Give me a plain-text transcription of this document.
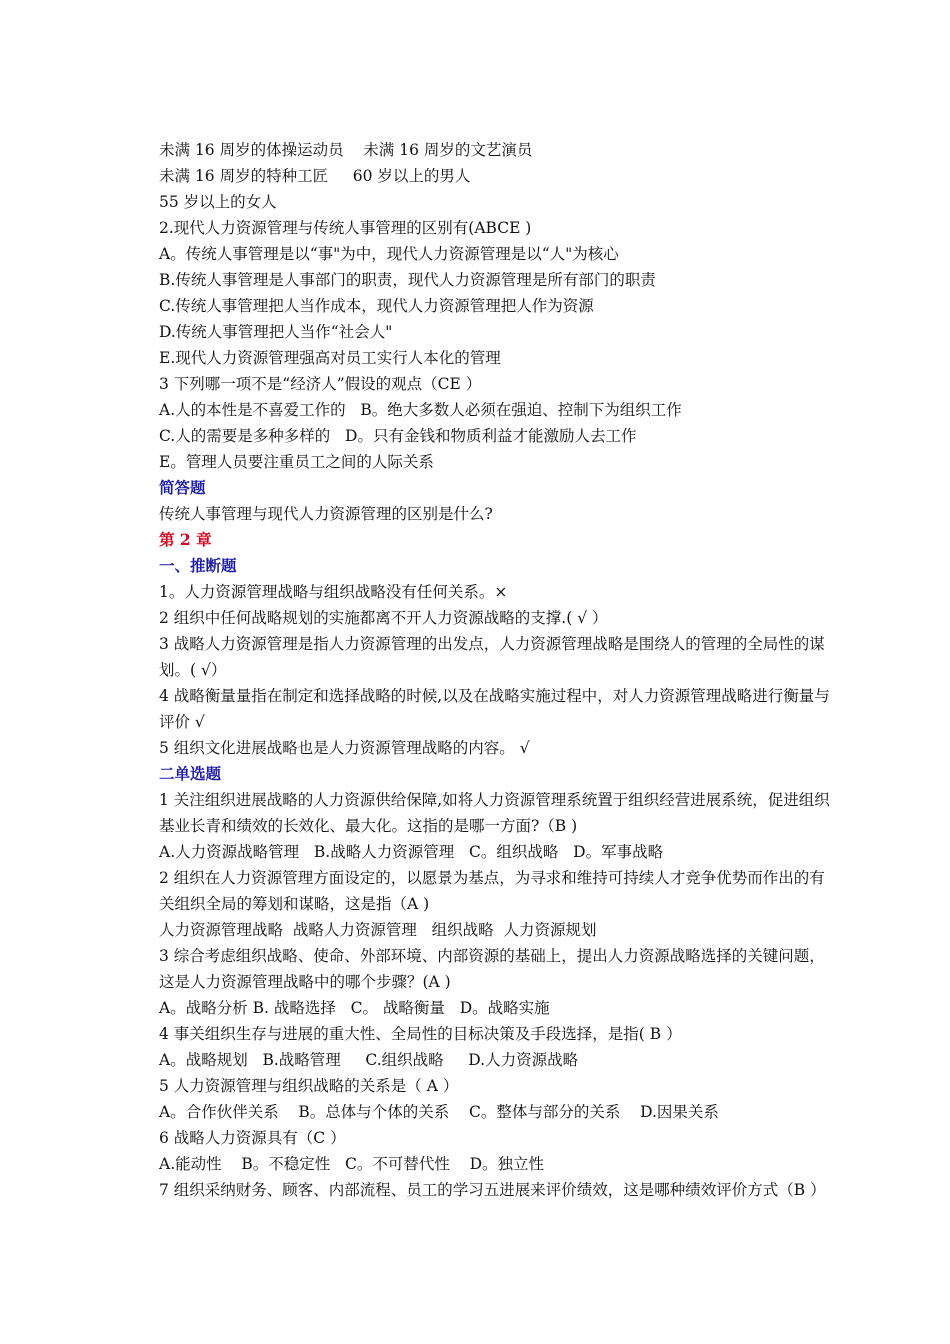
未满 16 周岁的体操运动员    未满 16 周岁的文艺演员
未满 16 周岁的特种工匠     60 岁以上的男人
55 岁以上的女人
2.现代人力资源管理与传统人事管理的区别有(ABCE )
A。传统人事管理是以“事"为中，现代人力资源管理是以“人"为核心
B.传统人事管理是人事部门的职责，现代人力资源管理是所有部门的职责
C.传统人事管理把人当作成本，现代人力资源管理把人作为资源
D.传统人事管理把人当作“社会人"
E.现代人力资源管理强高对员工实行人本化的管理
3 下列哪一项不是“经济人”假设的观点（CE ）
A.人的本性是不喜爱工作的   B。绝大多数人必须在强迫、控制下为组织工作
C.人的需要是多种多样的   D。只有金钱和物质利益才能激励人去工作
E。管理人员要注重员工之间的人际关系
简答题
传统人事管理与现代人力资源管理的区别是什么?
第 2 章
一、推断题
1。人力资源管理战略与组织战略没有任何关系。×
2 组织中任何战略规划的实施都离不开人力资源战略的支撑.( √ ）
3 战略人力资源管理是指人力资源管理的出发点，人力资源管理战略是围绕人的管理的全局性的谋划。( √）
4 战略衡量量指在制定和选择战略的时候,以及在战略实施过程中，对人力资源管理战略进行衡量与评价 √
5 组织文化进展战略也是人力资源管理战略的内容。 √
二单选题
1 关注组织进展战略的人力资源供给保障,如将人力资源管理系统置于组织经营进展系统，促进组织基业长青和绩效的长效化、最大化。这指的是哪一方面?（B )
A.人力资源战略管理   B.战略人力资源管理   C。组织战略   D。军事战略
2 组织在人力资源管理方面设定的，以愿景为基点，为寻求和维持可持续人才竞争优势而作出的有关组织全局的筹划和谋略，这是指（A )
人力资源管理战略  战略人力资源管理   组织战略  人力资源规划
3 综合考虑组织战略、使命、外部环境、内部资源的基础上，提出人力资源战略选择的关键问题，这是人力资源管理战略中的哪个步骤？(A )
A。战略分析 B. 战略选择   C。 战略衡量   D。战略实施
4 事关组织生存与进展的重大性、全局性的目标决策及手段选择，是指( B ）
A。战略规划   B.战略管理     C.组织战略     D.人力资源战略
5 人力资源管理与组织战略的关系是（ A ）
A。合作伙伴关系    B。总体与个体的关系    C。整体与部分的关系    D.因果关系
6 战略人力资源具有（C ）
A.能动性    B。不稳定性   C。不可替代性    D。独立性
7 组织采纳财务、顾客、内部流程、员工的学习五进展来评价绩效，这是哪种绩效评价方式（B ）
